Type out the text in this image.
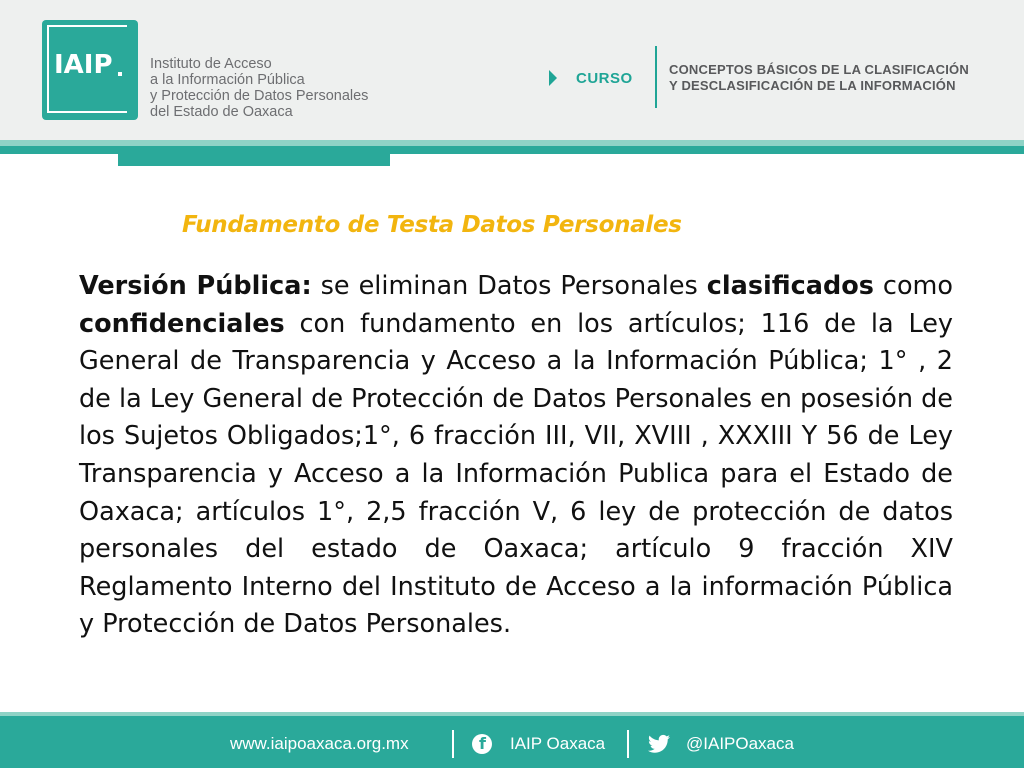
IAIP	Instituto de Acceso
a la Información Pública
y Protección de Datos Personales
del Estado de Oaxaca
CURSO
CONCEPTOS BÁSICOS DE LA CLASIFICACIÓN
Y DESCLASIFICACIÓN DE LA INFORMACIÓN
Fundamento de Testa Datos Personales

Versión Pública: se eliminan Datos Personales clasificados como confidenciales con fundamento en los artículos; 116 de la Ley General de Transparencia y Acceso a la Información Pública; 1° , 2 de la Ley General de Protección de Datos Personales en posesión de los Sujetos Obligados;1°, 6 fracción III, VII, XVIII , XXXIII Y 56 de Ley Transparencia y Acceso a la Información Publica para el Estado de Oaxaca; artículos 1°, 2,5 fracción V, 6 ley de protección de datos personales del estado de Oaxaca; artículo 9 fracción XIV Reglamento Interno del Instituto de Acceso a la información Pública y Protección de Datos Personales.

www.iaipoaxaca.org.mx	f IAIP Oaxaca	@IAIPOaxaca
